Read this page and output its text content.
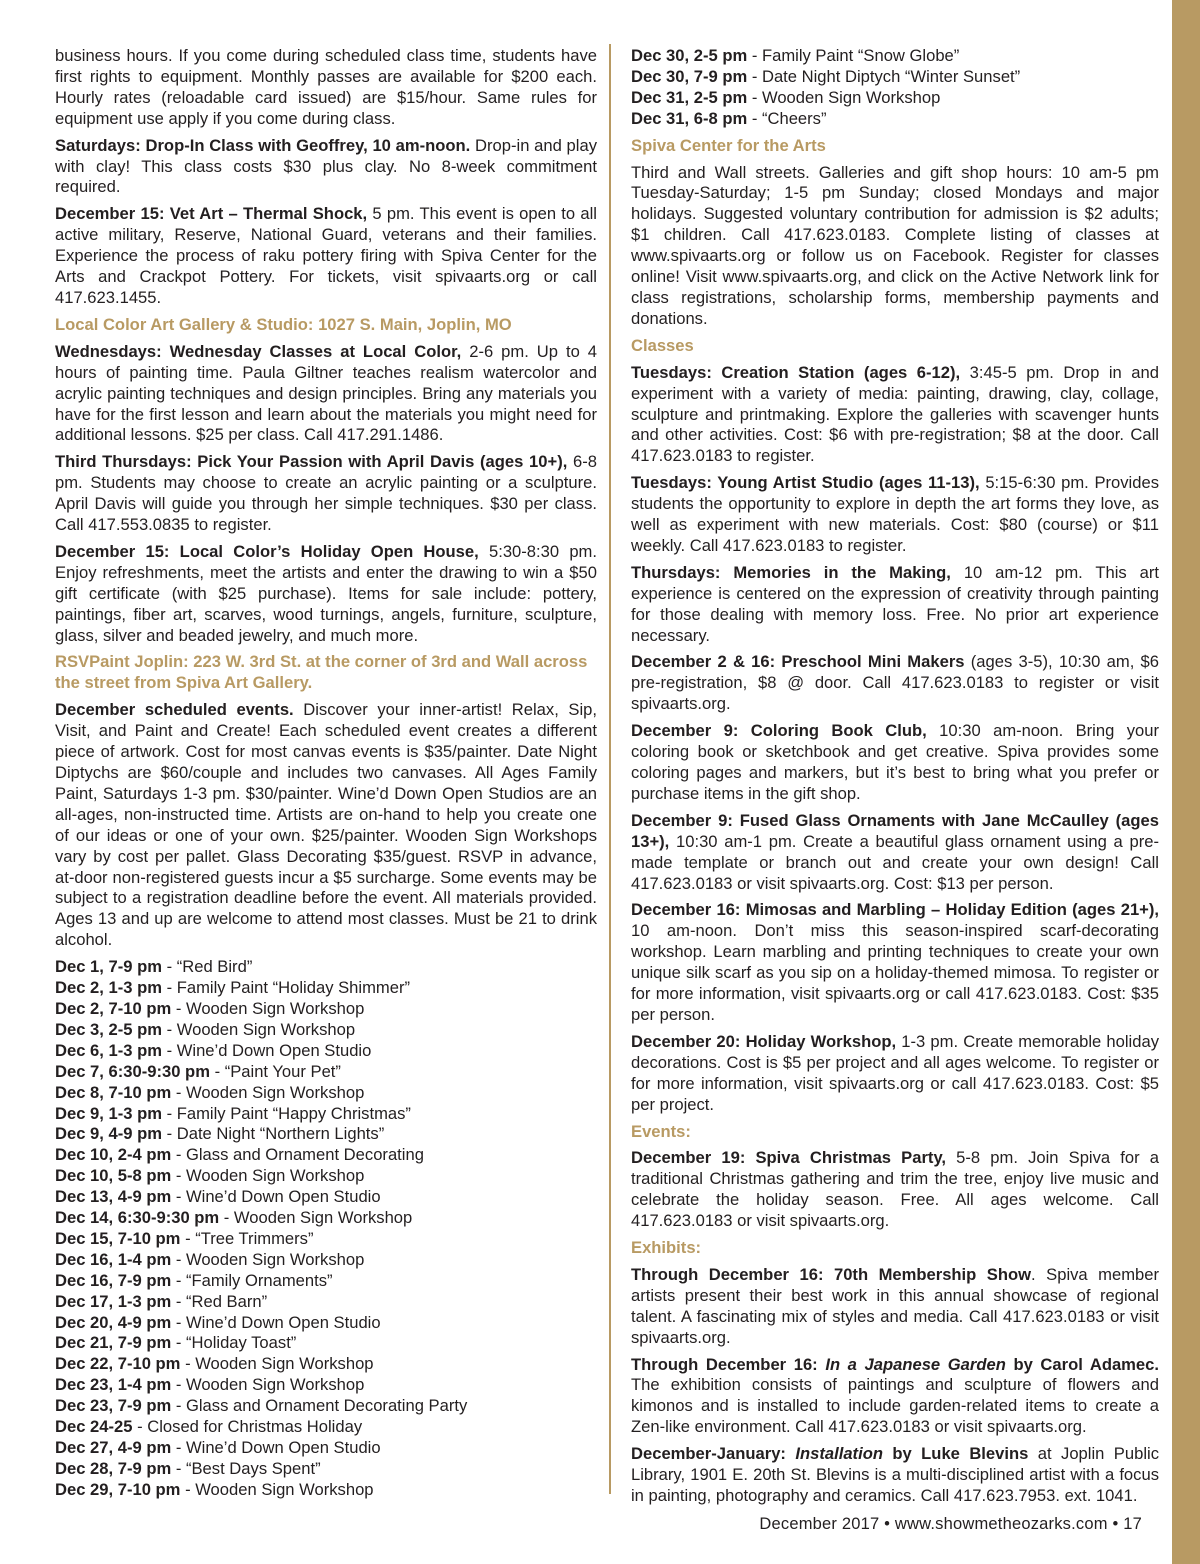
business hours. If you come during scheduled class time, students have first rights to equipment. Monthly passes are available for $200 each. Hourly rates (reloadable card issued) are $15/hour. Same rules for equipment use apply if you come during class.

Saturdays: Drop-In Class with Geoffrey, 10 am-noon. Drop-in and play with clay! This class costs $30 plus clay. No 8-week commitment required.

December 15: Vet Art – Thermal Shock, 5 pm. This event is open to all active military, Reserve, National Guard, veterans and their families. Experience the process of raku pottery firing with Spiva Center for the Arts and Crackpot Pottery. For tickets, visit spivaarts.org or call 417.623.1455.

Local Color Art Gallery & Studio: 1027 S. Main, Joplin, MO

Wednesdays: Wednesday Classes at Local Color, 2-6 pm. Up to 4 hours of painting time. Paula Giltner teaches realism watercolor and acrylic painting techniques and design principles. Bring any materials you have for the first lesson and learn about the materials you might need for additional lessons. $25 per class. Call 417.291.1486.

Third Thursdays: Pick Your Passion with April Davis (ages 10+), 6-8 pm. Students may choose to create an acrylic painting or a sculpture. April Davis will guide you through her simple techniques. $30 per class. Call 417.553.0835 to register.

December 15: Local Color’s Holiday Open House, 5:30-8:30 pm. Enjoy refreshments, meet the artists and enter the drawing to win a $50 gift certificate (with $25 purchase). Items for sale include: pottery, paintings, fiber art, scarves, wood turnings, angels, furniture, sculpture, glass, silver and beaded jewelry, and much more.

RSVPaint Joplin: 223 W. 3rd St. at the corner of 3rd and Wall across the street from Spiva Art Gallery.

December scheduled events. Discover your inner-artist! Relax, Sip, Visit, and Paint and Create! Each scheduled event creates a different piece of artwork. Cost for most canvas events is $35/painter. Date Night Diptychs are $60/couple and includes two canvases. All Ages Family Paint, Saturdays 1-3 pm. $30/painter. Wine’d Down Open Studios are an all-ages, non-instructed time. Artists are on-hand to help you create one of our ideas or one of your own. $25/painter. Wooden Sign Workshops vary by cost per pallet. Glass Decorating $35/guest. RSVP in advance, at-door non-registered guests incur a $5 surcharge. Some events may be subject to a registration deadline before the event. All materials provided. Ages 13 and up are welcome to attend most classes. Must be 21 to drink alcohol.

Dec 1, 7-9 pm - “Red Bird”
Dec 2, 1-3 pm - Family Paint “Holiday Shimmer”
Dec 2, 7-10 pm - Wooden Sign Workshop
Dec 3, 2-5 pm - Wooden Sign Workshop
Dec 6, 1-3 pm - Wine’d Down Open Studio
Dec 7, 6:30-9:30 pm - “Paint Your Pet”
Dec 8, 7-10 pm - Wooden Sign Workshop
Dec 9, 1-3 pm - Family Paint “Happy Christmas”
Dec 9, 4-9 pm - Date Night “Northern Lights”
Dec 10, 2-4 pm - Glass and Ornament Decorating
Dec 10, 5-8 pm - Wooden Sign Workshop
Dec 13, 4-9 pm - Wine’d Down Open Studio
Dec 14, 6:30-9:30 pm - Wooden Sign Workshop
Dec 15, 7-10 pm - “Tree Trimmers”
Dec 16, 1-4 pm - Wooden Sign Workshop
Dec 16, 7-9 pm - “Family Ornaments”
Dec 17, 1-3 pm - “Red Barn”
Dec 20, 4-9 pm - Wine’d Down Open Studio
Dec 21, 7-9 pm - “Holiday Toast”
Dec 22, 7-10 pm - Wooden Sign Workshop
Dec 23, 1-4 pm - Wooden Sign Workshop
Dec 23, 7-9 pm - Glass and Ornament Decorating Party
Dec 24-25 - Closed for Christmas Holiday
Dec 27, 4-9 pm - Wine’d Down Open Studio
Dec 28, 7-9 pm - “Best Days Spent”
Dec 29, 7-10 pm - Wooden Sign Workshop
Dec 30, 2-5 pm - Family Paint “Snow Globe”
Dec 30, 7-9 pm - Date Night Diptych “Winter Sunset”
Dec 31, 2-5 pm - Wooden Sign Workshop
Dec 31, 6-8 pm - “Cheers”

Spiva Center for the Arts

Third and Wall streets. Galleries and gift shop hours: 10 am-5 pm Tuesday-Saturday; 1-5 pm Sunday; closed Mondays and major holidays. Suggested voluntary contribution for admission is $2 adults; $1 children. Call 417.623.0183. Complete listing of classes at www.spivaarts.org or follow us on Facebook. Register for classes online! Visit www.spivaarts.org, and click on the Active Network link for class registrations, scholarship forms, membership payments and donations.

Classes

Tuesdays: Creation Station (ages 6-12), 3:45-5 pm. Drop in and experiment with a variety of media: painting, drawing, clay, collage, sculpture and printmaking. Explore the galleries with scavenger hunts and other activities. Cost: $6 with pre-registration; $8 at the door. Call 417.623.0183 to register.

Tuesdays: Young Artist Studio (ages 11-13), 5:15-6:30 pm. Provides students the opportunity to explore in depth the art forms they love, as well as experiment with new materials. Cost: $80 (course) or $11 weekly. Call 417.623.0183 to register.

Thursdays: Memories in the Making, 10 am-12 pm. This art experience is centered on the expression of creativity through painting for those dealing with memory loss. Free. No prior art experience necessary.

December 2 & 16: Preschool Mini Makers (ages 3-5), 10:30 am, $6 pre-registration, $8 @ door. Call 417.623.0183 to register or visit spivaarts.org.

December 9: Coloring Book Club, 10:30 am-noon. Bring your coloring book or sketchbook and get creative. Spiva provides some coloring pages and markers, but it’s best to bring what you prefer or purchase items in the gift shop.

December 9: Fused Glass Ornaments with Jane McCaulley (ages 13+), 10:30 am-1 pm. Create a beautiful glass ornament using a pre-made template or branch out and create your own design! Call 417.623.0183 or visit spivaarts.org. Cost: $13 per person.

December 16: Mimosas and Marbling – Holiday Edition (ages 21+), 10 am-noon. Don’t miss this season-inspired scarf-decorating workshop. Learn marbling and printing techniques to create your own unique silk scarf as you sip on a holiday-themed mimosa. To register or for more information, visit spivaarts.org or call 417.623.0183. Cost: $35 per person.

December 20: Holiday Workshop, 1-3 pm. Create memorable holiday decorations. Cost is $5 per project and all ages welcome. To register or for more information, visit spivaarts.org or call 417.623.0183. Cost: $5 per project.

Events:

December 19: Spiva Christmas Party, 5-8 pm. Join Spiva for a traditional Christmas gathering and trim the tree, enjoy live music and celebrate the holiday season. Free. All ages welcome. Call 417.623.0183 or visit spivaarts.org.

Exhibits:

Through December 16: 70th Membership Show. Spiva member artists present their best work in this annual showcase of regional talent. A fascinating mix of styles and media. Call 417.623.0183 or visit spivaarts.org.

Through December 16: In a Japanese Garden by Carol Adamec. The exhibition consists of paintings and sculpture of flowers and kimonos and is installed to include garden-related items to create a Zen-like environment. Call 417.623.0183 or visit spivaarts.org.

December-January: Installation by Luke Blevins at Joplin Public Library, 1901 E. 20th St. Blevins is a multi-disciplined artist with a focus in painting, photography and ceramics. Call 417.623.7953. ext. 1041.

December 2017 • www.showmetheozarks.com • 17
